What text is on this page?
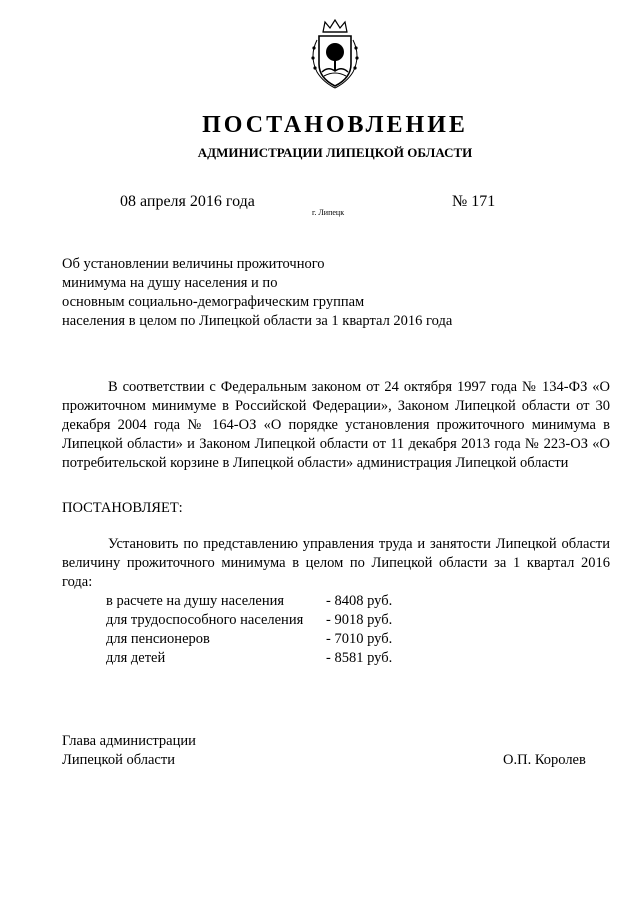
ПОСТАНОВЛЕНИЕ
АДМИНИСТРАЦИИ ЛИПЕЦКОЙ ОБЛАСТИ
08 апреля 2016 года
г. Липецк
№ 171
Об установлении величины прожиточного
минимума на душу населения и по
основным социально-демографическим группам
населения в целом по Липецкой области за 1 квартал 2016 года
В соответствии с Федеральным законом от 24 октября 1997 года № 134-ФЗ «О прожиточном минимуме в Российской Федерации», Законом Липецкой области от 30 декабря 2004 года № 164-ОЗ «О порядке установления прожиточного минимума в Липецкой области» и Законом Липецкой области от 11 декабря 2013 года № 223-ОЗ «О потребительской корзине в Липецкой области» администрация Липецкой области
ПОСТАНОВЛЯЕТ:
Установить по представлению управления труда и занятости Липецкой области величину прожиточного минимума в целом по Липецкой области за 1 квартал 2016 года:
в расчете на душу населения	- 8408 руб.
для трудоспособного населения	- 9018 руб.
для пенсионеров	- 7010 руб.
для детей	- 8581 руб.
Глава администрации
Липецкой области	О.П. Королев
